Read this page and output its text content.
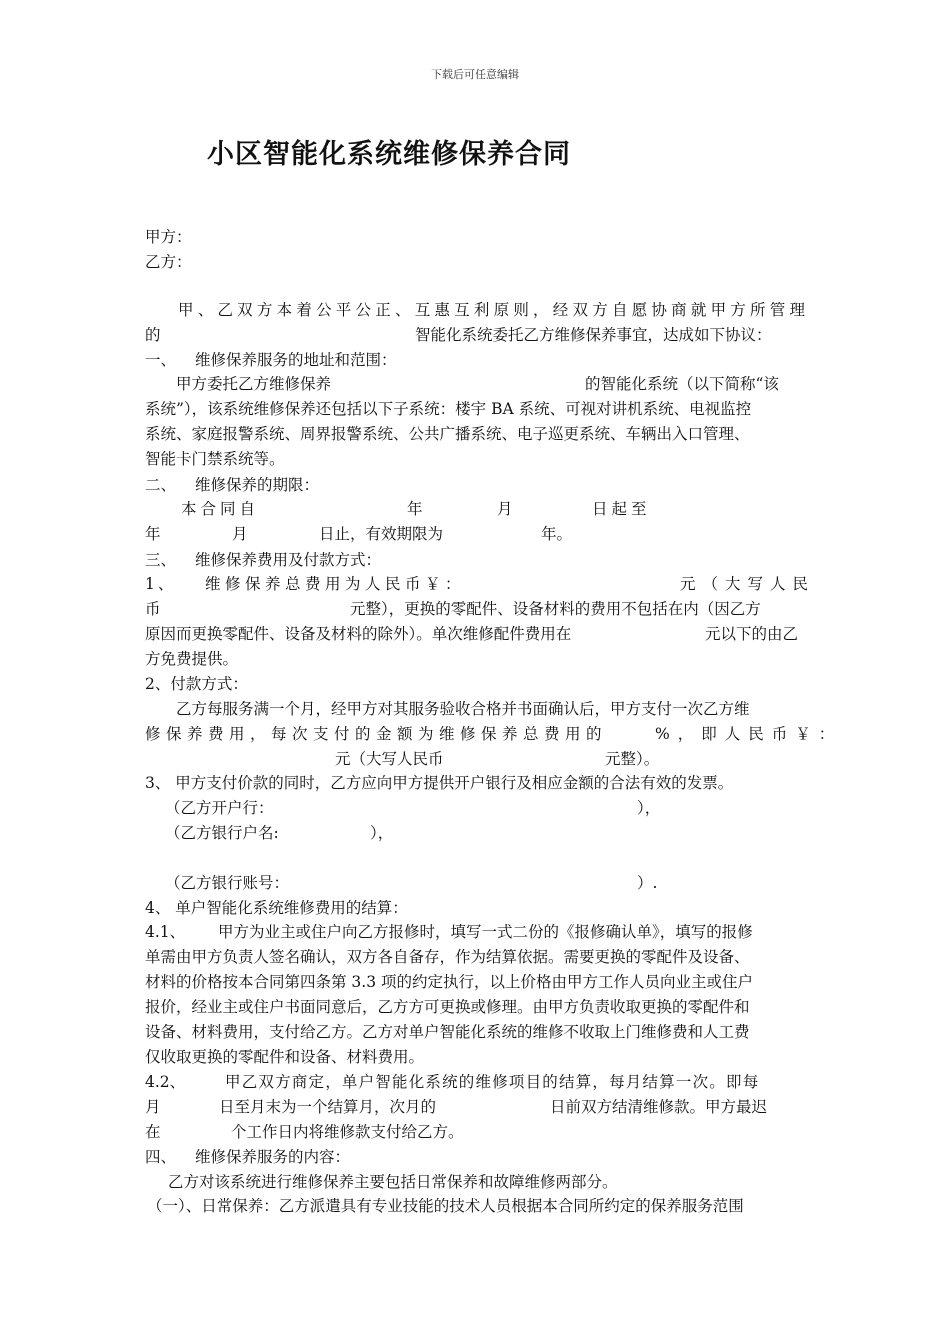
下载后可任意编辑
小区智能化系统维修保养合同
甲方：
乙方：
甲、乙双方本着公平公正、互惠互利原则，经双方自愿协商就甲方所管理
的	智能化系统委托乙方维修保养事宜，达成如下协议：
一、 维修保养服务的地址和范围：
甲方委托乙方维修保养	的智能化系统（以下简称“该
系统”），该系统维修保养还包括以下子系统：楼宇 BA 系统、可视对讲机系统、电视监控
系统、家庭报警系统、周界报警系统、公共广播系统、电子巡更系统、车辆出入口管理、
智能卡门禁系统等。
二、 维修保养的期限：
本合同自	年	月	日起至
年	月	日止，有效期限为	年。
三、 维修保养费用及付款方式：
1、 维修保养总费用为人民币￥：	元（大写人民
币	元整），更换的零配件、设备材料的费用不包括在内（因乙方
原因而更换零配件、设备及材料的除外）。单次维修配件费用在	元以下的由乙
方免费提供。
2、付款方式：
乙方每服务满一个月，经甲方对其服务验收合格并书面确认后，甲方支付一次乙方维
修保养费用，每次支付的金额为维修保养总费用的	%，即人民币￥：
元（大写人民币	元整）。
3、 甲方支付价款的同时，乙方应向甲方提供开户银行及相应金额的合法有效的发票。
（乙方开户行：	），
（乙方银行户名:	），
（乙方银行账号：	）.
4、 单户智能化系统维修费用的结算：
4.1、 甲方为业主或住户向乙方报修时，填写一式二份的《报修确认单》，填写的报修
单需由甲方负责人签名确认，双方各自备存，作为结算依据。需要更换的零配件及设备、
材料的价格按本合同第四条第 3.3 项的约定执行，以上价格由甲方工作人员向业主或住户
报价，经业主或住户书面同意后，乙方方可更换或修理。由甲方负责收取更换的零配件和
设备、材料费用，支付给乙方。乙方对单户智能化系统的维修不收取上门维修费和人工费
仅收取更换的零配件和设备、材料费用。
4.2、	甲乙双方商定，单户智能化系统的维修项目的结算，每月结算一次。即每
月	日至月末为一个结算月，次月的	日前双方结清维修款。甲方最迟
在	个工作日内将维修款支付给乙方。
四、 维修保养服务的内容：
乙方对该系统进行维修保养主要包括日常保养和故障维修两部分。
（一）、日常保养：乙方派遣具有专业技能的技术人员根据本合同所约定的保养服务范围
